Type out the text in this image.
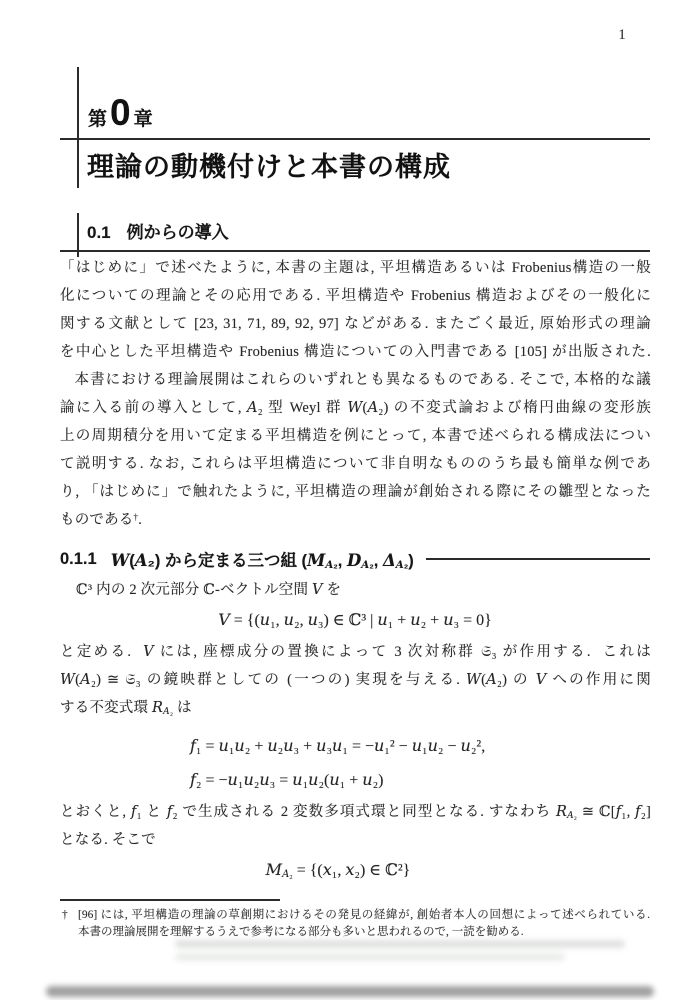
1
第0 章
理論の動機付けと本書の構成
0.1 例からの導入
「はじめに」で述べたように, 本書の主題は, 平坦構造あるいは Frobenius構造の一般
化についての理論とその応用である. 平坦構造や Frobenius 構造およびその一般化に
関する文献として [23, 31, 71, 89, 92, 97] などがある. またごく最近, 原始形式の理論
を中心とした平坦構造や Frobenius 構造についての入門書である [105] が出版された.
本書における理論展開はこれらのいずれとも異なるものである. そこで, 本格的な議
論に入る前の導入として, A₂ 型 Weyl 群 W(A₂) の不変式論および楕円曲線の変形族
上の周期積分を用いて定まる平坦構造を例にとって, 本書で述べられる構成法につい
て説明する. なお, これらは平坦構造について非自明なもののうち最も簡単な例であ
り, 「はじめに」で触れたように, 平坦構造の理論が創始される際にその雛型となった
ものである†.
0.1.1 W(A₂) から定まる三つ組 ($M_{A_2}$, $D_{A_2}$, $\Delta_{A_2}$)
ℂ³ 内の 2 次元部分 ℂ-ベクトル空間 V を
V = {(u₁, u₂, u₃) ∈ ℂ³ | u₁ + u₂ + u₃ = 0}
と定める.  V には, 座標成分の置換によって 3 次対称群 𝔖₃ が作用する.  これは
W(A₂) ≅ 𝔖₃ の鏡映群としての (一つの) 実現を与える. W(A₂) の V への作用に関
する不変式環 $R_{A_2}$ は
f₁ = u₁u₂ + u₂u₃ + u₃u₁ = −u₁² − u₁u₂ − u₂²,
f₂ = −u₁u₂u₃ = u₁u₂(u₁ + u₂)
とおくと, f₁ と f₂ で生成される 2 変数多項式環と同型となる. すなわち $R_{A_2}$ ≅ ℂ[f₁, f₂]
となる. そこで
$M_{A_2} = \{(x_1$, x₂) ∈ ℂ²}
† [96] には, 平坦構造の理論の草創期におけるその発見の経緯が, 創始者本人の回想によって述べられている.
本書の理論展開を理解するうえで参考になる部分も多いと思われるので, 一読を勧める.
